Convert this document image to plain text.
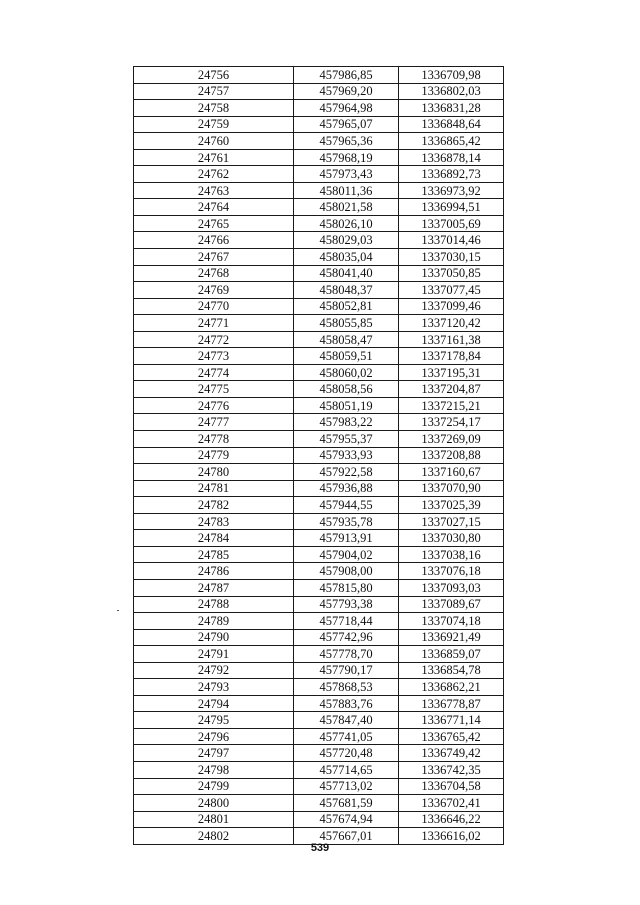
24756	457986,85	1336709,98
24757	457969,20	1336802,03
24758	457964,98	1336831,28
24759	457965,07	1336848,64
24760	457965,36	1336865,42
24761	457968,19	1336878,14
24762	457973,43	1336892,73
24763	458011,36	1336973,92
24764	458021,58	1336994,51
24765	458026,10	1337005,69
24766	458029,03	1337014,46
24767	458035,04	1337030,15
24768	458041,40	1337050,85
24769	458048,37	1337077,45
24770	458052,81	1337099,46
24771	458055,85	1337120,42
24772	458058,47	1337161,38
24773	458059,51	1337178,84
24774	458060,02	1337195,31
24775	458058,56	1337204,87
24776	458051,19	1337215,21
24777	457983,22	1337254,17
24778	457955,37	1337269,09
24779	457933,93	1337208,88
24780	457922,58	1337160,67
24781	457936,88	1337070,90
24782	457944,55	1337025,39
24783	457935,78	1337027,15
24784	457913,91	1337030,80
24785	457904,02	1337038,16
24786	457908,00	1337076,18
24787	457815,80	1337093,03
24788	457793,38	1337089,67
24789	457718,44	1337074,18
24790	457742,96	1336921,49
24791	457778,70	1336859,07
24792	457790,17	1336854,78
24793	457868,53	1336862,21
24794	457883,76	1336778,87
24795	457847,40	1336771,14
24796	457741,05	1336765,42
24797	457720,48	1336749,42
24798	457714,65	1336742,35
24799	457713,02	1336704,58
24800	457681,59	1336702,41
24801	457674,94	1336646,22
24802	457667,01	1336616,02
539
